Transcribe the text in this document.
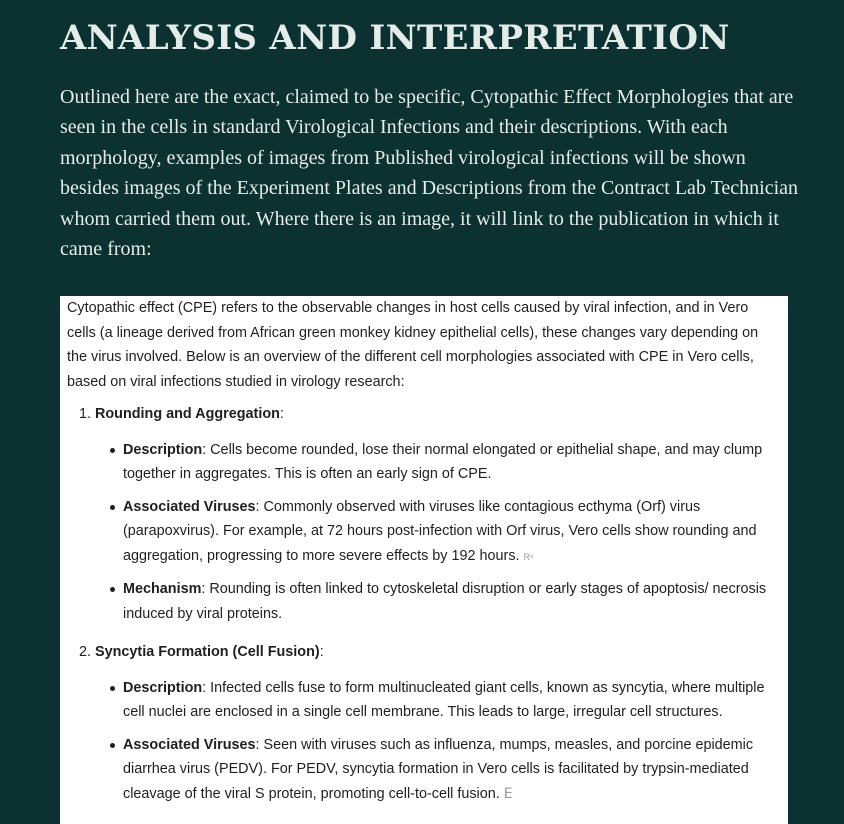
ANALYSIS AND INTERPRETATION

Outlined here are the exact, claimed to be specific, Cytopathic Effect Morphologies that are seen in the cells in standard Virological Infections and their descriptions. With each morphology, examples of images from Published virological infections will be shown besides images of the Experiment Plates and Descriptions from the Contract Lab Technician whom carried them out. Where there is an image, it will link to the publication in which it came from:

Cytopathic effect (CPE) refers to the observable changes in host cells caused by viral infection, and in Vero cells (a lineage derived from African green monkey kidney epithelial cells), these changes vary depending on the virus involved. Below is an overview of the different cell morphologies associated with CPE in Vero cells, based on viral infections studied in virology research:

1. Rounding and Aggregation:
Description: Cells become rounded, lose their normal elongated or epithelial shape, and may clump together in aggregates. This is often an early sign of CPE.
Associated Viruses: Commonly observed with viruses like contagious ecthyma (Orf) virus (parapoxvirus). For example, at 72 hours post-infection with Orf virus, Vero cells show rounding and aggregation, progressing to more severe effects by 192 hours. R⁶
Mechanism: Rounding is often linked to cytoskeletal disruption or early stages of apoptosis/ necrosis induced by viral proteins.
2. Syncytia Formation (Cell Fusion):
Description: Infected cells fuse to form multinucleated giant cells, known as syncytia, where multiple cell nuclei are enclosed in a single cell membrane. This leads to large, irregular cell structures.
Associated Viruses: Seen with viruses such as influenza, mumps, measles, and porcine epidemic diarrhea virus (PEDV). For PEDV, syncytia formation in Vero cells is facilitated by trypsin-mediated cleavage of the viral S protein, promoting cell-to-cell fusion. E
